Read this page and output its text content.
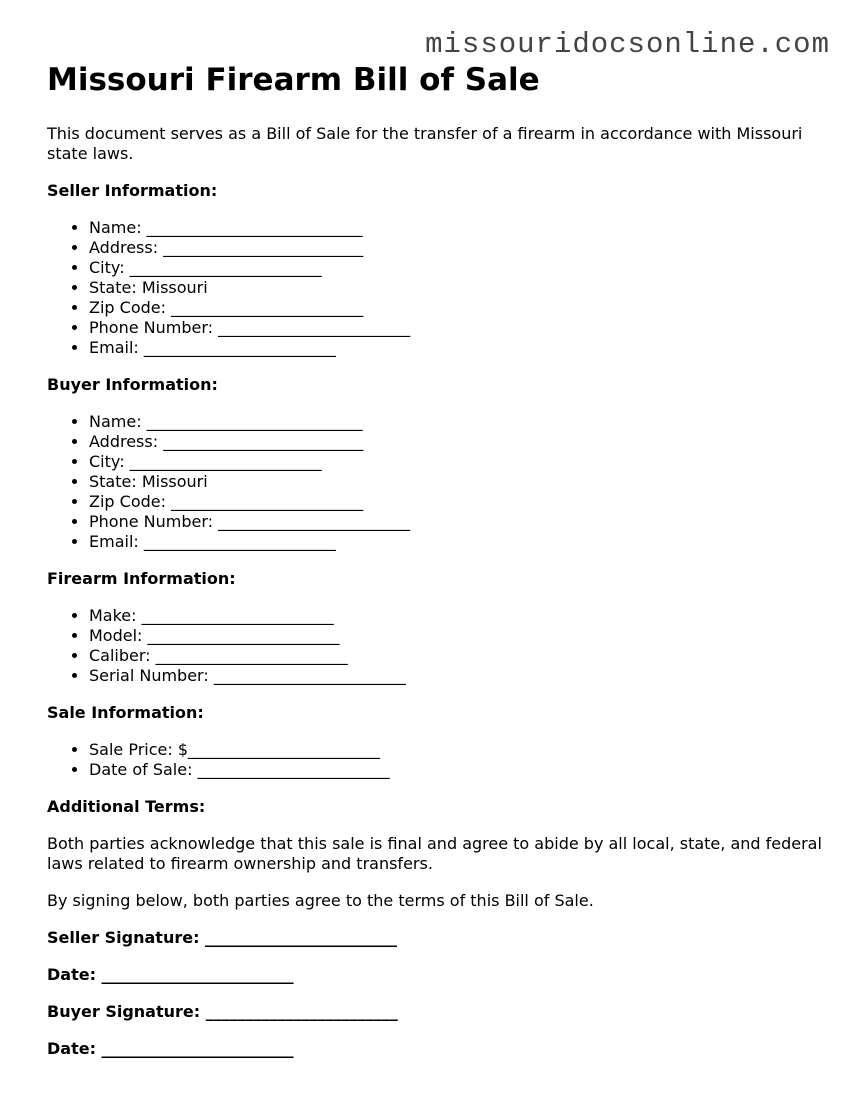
missouridocsonline.com
Missouri Firearm Bill of Sale

This document serves as a Bill of Sale for the transfer of a firearm in accordance with Missouri state laws.

Seller Information:
• Name: ___________________________
• Address: _________________________
• City: ________________________
• State: Missouri
• Zip Code: ________________________
• Phone Number: ________________________
• Email: ________________________
Buyer Information:
• Name: ___________________________
• Address: _________________________
• City: ________________________
• State: Missouri
• Zip Code: ________________________
• Phone Number: ________________________
• Email: ________________________
Firearm Information:
• Make: ________________________
• Model: ________________________
• Caliber: ________________________
• Serial Number: ________________________
Sale Information:
• Sale Price: $________________________
• Date of Sale: ________________________
Additional Terms:

Both parties acknowledge that this sale is final and agree to abide by all local, state, and federal laws related to firearm ownership and transfers.

By signing below, both parties agree to the terms of this Bill of Sale.

Seller Signature: ________________________
Date: ________________________
Buyer Signature: ________________________
Date: ________________________
